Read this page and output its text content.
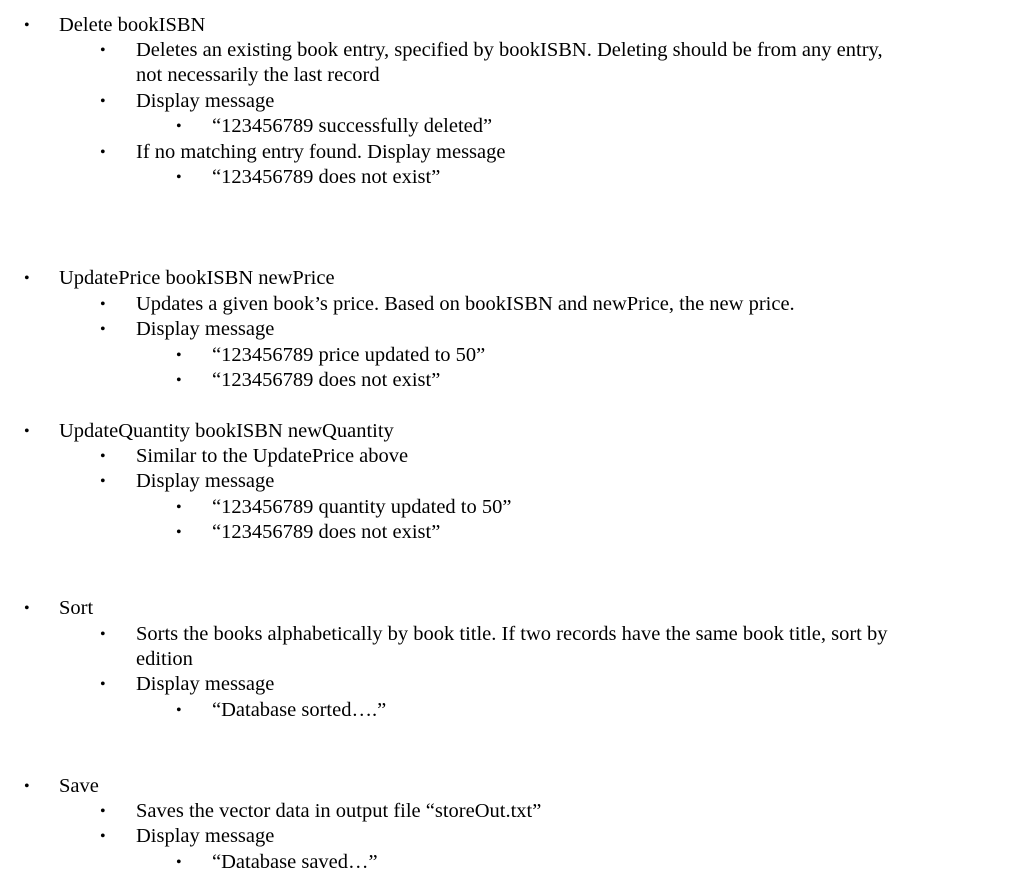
• Delete bookISBN
• Deletes an existing book entry, specified by bookISBN. Deleting should be from any entry,
not necessarily the last record
• Display message
• “123456789 successfully deleted”
• If no matching entry found. Display message
• “123456789 does not exist”
• UpdatePrice bookISBN newPrice
• Updates a given book’s price. Based on bookISBN and newPrice, the new price.
• Display message
• “123456789 price updated to 50”
• “123456789 does not exist”
• UpdateQuantity bookISBN newQuantity
• Similar to the UpdatePrice above
• Display message
• “123456789 quantity updated to 50”
• “123456789 does not exist”
• Sort
• Sorts the books alphabetically by book title. If two records have the same book title, sort by
edition
• Display message
• “Database sorted….”
• Save
• Saves the vector data in output file “storeOut.txt”
• Display message
• “Database saved…”
